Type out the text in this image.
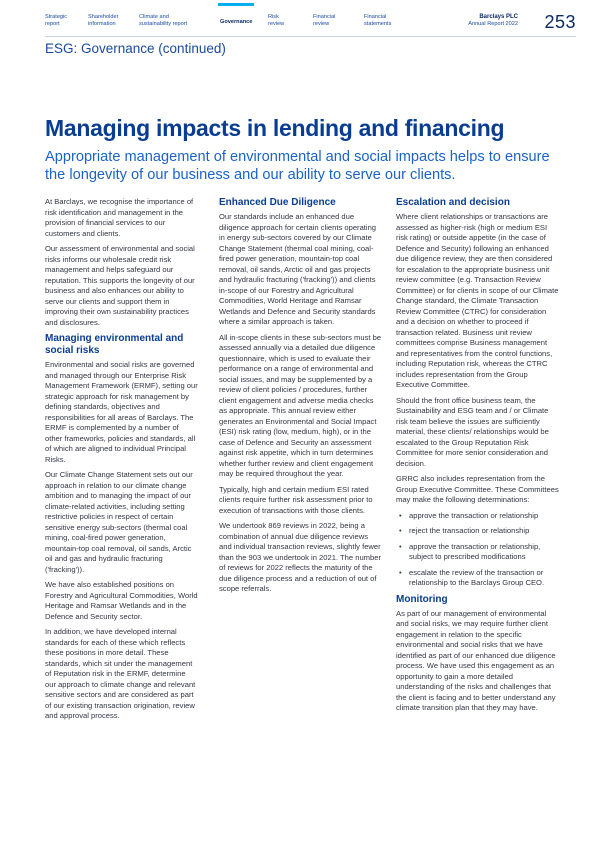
Strategic
report
Shareholder
information
Climate and
sustainability report	Governance
Risk
review
Financial
review
Financial
statements
Barclays PLC
Annual Report 2022 253
ESG: Governance (continued)
Managing impacts in lending and financing
Appropriate management of environmental and social impacts helps to ensure the longevity of our business and our ability to serve our clients.

At Barclays, we recognise the importance of risk identification and management in the provision of financial services to our customers and clients.

Our assessment of environmental and social risks informs our wholesale credit risk management and helps safeguard our reputation. This supports the longevity of our business and also enhances our ability to serve our clients and support them in improving their own sustainability practices and disclosures.

Managing environmental and social risks

Environmental and social risks are governed and managed through our Enterprise Risk Management Framework (ERMF), setting our strategic approach for risk management by defining standards, objectives and responsibilities for all areas of Barclays. The ERMF is complemented by a number of other frameworks, policies and standards, all of which are aligned to individual Principal Risks.

Our Climate Change Statement sets out our approach in relation to our climate change ambition and to managing the impact of our climate-related activities, including setting restrictive policies in respect of certain sensitive energy sub-sectors (thermal coal mining, coal-fired power generation, mountain-top coal removal, oil sands, Arctic oil and gas and hydraulic fracturing ('fracking')).

We have also established positions on Forestry and Agricultural Commodities, World Heritage and Ramsar Wetlands and in the Defence and Security sector.

In addition, we have developed internal standards for each of these which reflects these positions in more detail. These standards, which sit under the management of Reputation risk in the ERMF, determine our approach to climate change and relevant sensitive sectors and are considered as part of our existing transaction origination, review and approval process.

Enhanced Due Diligence

Our standards include an enhanced due diligence approach for certain clients operating in energy sub-sectors covered by our Climate Change Statement (thermal coal mining, coal-fired power generation, mountain-top coal removal, oil sands, Arctic oil and gas projects and hydraulic fracturing ('fracking')) and clients in-scope of our Forestry and Agricultural Commodities, World Heritage and Ramsar Wetlands and Defence and Security standards where a similar approach is taken.

All in-scope clients in these sub-sectors must be assessed annually via a detailed due diligence questionnaire, which is used to evaluate their performance on a range of environmental and social issues, and may be supplemented by a review of client policies / procedures, further client engagement and adverse media checks as appropriate. This annual review either generates an Environmental and Social Impact (ESI) risk rating (low, medium, high), or in the case of Defence and Security an assessment against risk appetite, which in turn determines whether further review and client engagement may be required throughout the year.

Typically, high and certain medium ESI rated clients require further risk assessment prior to execution of transactions with those clients.

We undertook 869 reviews in 2022, being a combination of annual due diligence reviews and individual transaction reviews, slightly fewer than the 903 we undertook in 2021. The number of reviews for 2022 reflects the maturity of the due diligence process and a reduction of out of scope referrals.

Escalation and decision

Where client relationships or transactions are assessed as higher-risk (high or medium ESI risk rating) or outside appetite (in the case of Defence and Security) following an enhanced due diligence review, they are then considered for escalation to the appropriate business unit review committee (e.g. Transaction Review Committee) or for clients in scope of our Climate Change standard, the Climate Transaction Review Committee (CTRC) for consideration and a decision on whether to proceed if transaction related. Business unit review committees comprise Business management and representatives from the control functions, including Reputation risk, whereas the CTRC includes representation from the Group Executive Committee.

Should the front office business team, the Sustainability and ESG team and / or Climate risk team believe the issues are sufficiently material, these clients/ relationships would be escalated to the Group Reputation Risk Committee for more senior consideration and decision.

GRRC also includes representation from the Group Executive Committee. These Committees may make the following determinations:

• approve the transaction or relationship
• reject the transaction or relationship
• approve the transaction or relationship, subject to prescribed modifications
• escalate the review of the transaction or relationship to the Barclays Group CEO.
Monitoring

As part of our management of environmental and social risks, we may require further client engagement in relation to the specific environmental and social risks that we have identified as part of our enhanced due diligence process. We have used this engagement as an opportunity to gain a more detailed understanding of the risks and challenges that the client is facing and to better understand any climate transition plan that they may have.
